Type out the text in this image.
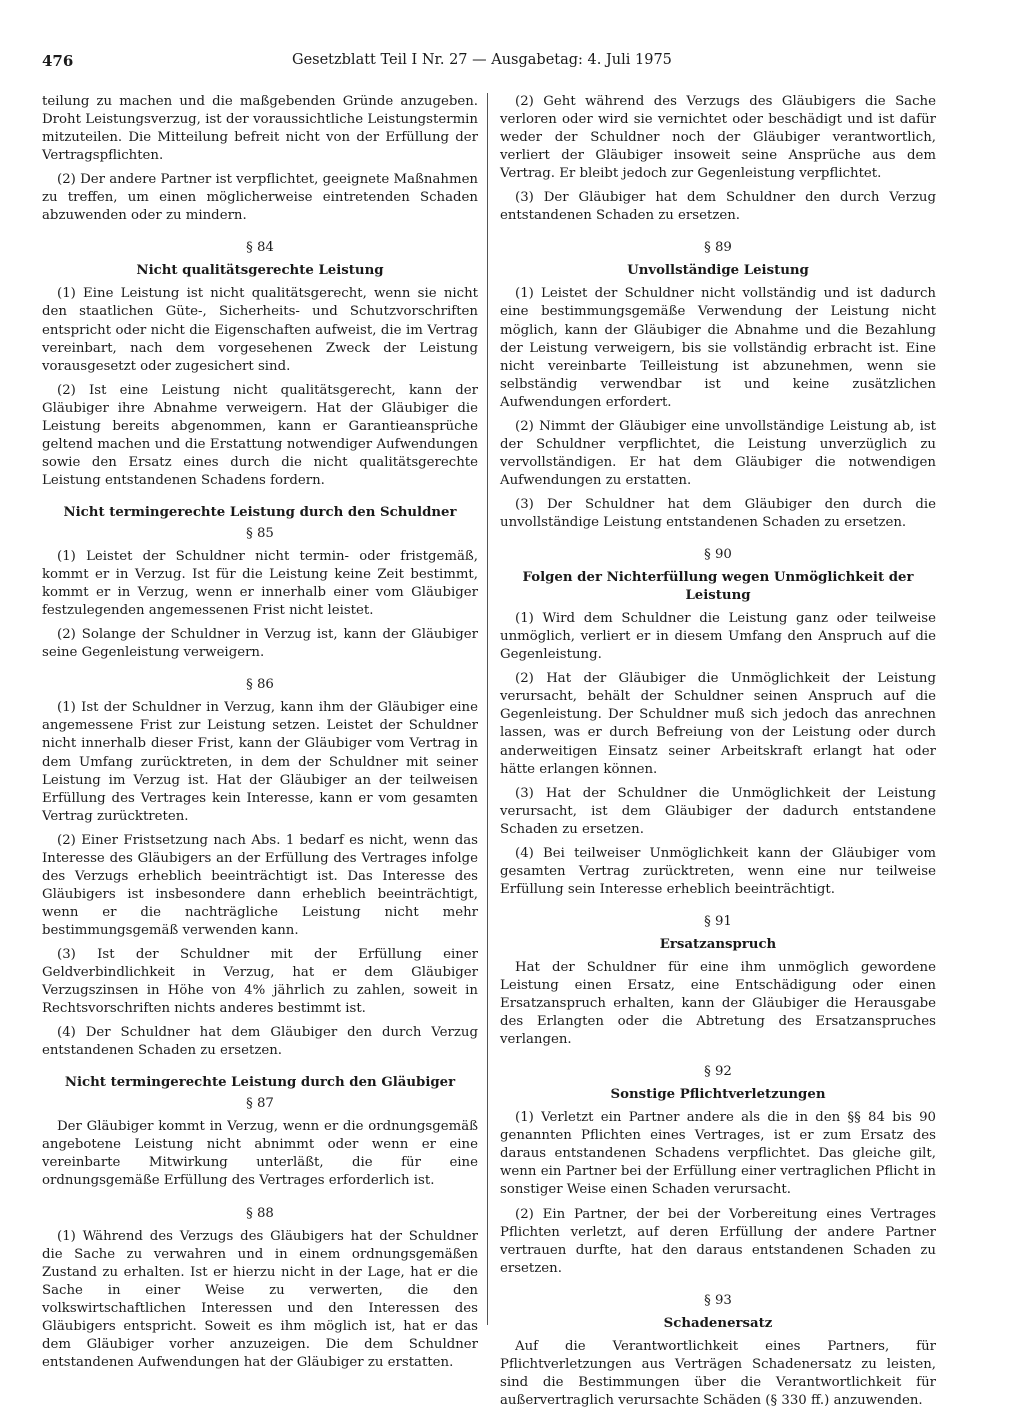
476	Gesetzblatt Teil I Nr. 27 — Ausgabetag: 4. Juli 1975

teilung zu machen und die maßgebenden Gründe anzugeben. Droht Leistungsverzug, ist der voraussichtliche Leistungstermin mitzuteilen. Die Mitteilung befreit nicht von der Erfüllung der Vertragspflichten.

(2) Der andere Partner ist verpflichtet, geeignete Maßnahmen zu treffen, um einen möglicherweise eintretenden Schaden abzuwenden oder zu mindern.

§ 84
Nicht qualitätsgerechte Leistung

(1) Eine Leistung ist nicht qualitätsgerecht, wenn sie nicht den staatlichen Güte-, Sicherheits- und Schutzvorschriften entspricht oder nicht die Eigenschaften aufweist, die im Vertrag vereinbart, nach dem vorgesehenen Zweck der Leistung vorausgesetzt oder zugesichert sind.

(2) Ist eine Leistung nicht qualitätsgerecht, kann der Gläubiger ihre Abnahme verweigern. Hat der Gläubiger die Leistung bereits abgenommen, kann er Garantieansprüche geltend machen und die Erstattung notwendiger Aufwendungen sowie den Ersatz eines durch die nicht qualitätsgerechte Leistung entstandenen Schadens fordern.

Nicht termingerechte Leistung durch den Schuldner
§ 85

(1) Leistet der Schuldner nicht termin- oder fristgemäß, kommt er in Verzug. Ist für die Leistung keine Zeit bestimmt, kommt er in Verzug, wenn er innerhalb einer vom Gläubiger festzulegenden angemessenen Frist nicht leistet.

(2) Solange der Schuldner in Verzug ist, kann der Gläubiger seine Gegenleistung verweigern.

§ 86

(1) Ist der Schuldner in Verzug, kann ihm der Gläubiger eine angemessene Frist zur Leistung setzen. Leistet der Schuldner nicht innerhalb dieser Frist, kann der Gläubiger vom Vertrag in dem Umfang zurücktreten, in dem der Schuldner mit seiner Leistung im Verzug ist. Hat der Gläubiger an der teilweisen Erfüllung des Vertrages kein Interesse, kann er vom gesamten Vertrag zurücktreten.

(2) Einer Fristsetzung nach Abs. 1 bedarf es nicht, wenn das Interesse des Gläubigers an der Erfüllung des Vertrages infolge des Verzugs erheblich beeinträchtigt ist. Das Interesse des Gläubigers ist insbesondere dann erheblich beeinträchtigt, wenn er die nachträgliche Leistung nicht mehr bestimmungsgemäß verwenden kann.

(3) Ist der Schuldner mit der Erfüllung einer Geldverbindlichkeit in Verzug, hat er dem Gläubiger Verzugszinsen in Höhe von 4% jährlich zu zahlen, soweit in Rechtsvorschriften nichts anderes bestimmt ist.

(4) Der Schuldner hat dem Gläubiger den durch Verzug entstandenen Schaden zu ersetzen.

Nicht termingerechte Leistung durch den Gläubiger
§ 87

Der Gläubiger kommt in Verzug, wenn er die ordnungsgemäß angebotene Leistung nicht abnimmt oder wenn er eine vereinbarte Mitwirkung unterläßt, die für eine ordnungsgemäße Erfüllung des Vertrages erforderlich ist.

§ 88

(1) Während des Verzugs des Gläubigers hat der Schuldner die Sache zu verwahren und in einem ordnungsgemäßen Zustand zu erhalten. Ist er hierzu nicht in der Lage, hat er die Sache in einer Weise zu verwerten, die den volkswirtschaftlichen Interessen und den Interessen des Gläubigers entspricht. Soweit es ihm möglich ist, hat er das dem Gläubiger vorher anzuzeigen. Die dem Schuldner entstandenen Aufwendungen hat der Gläubiger zu erstatten.

(2) Geht während des Verzugs des Gläubigers die Sache verloren oder wird sie vernichtet oder beschädigt und ist dafür weder der Schuldner noch der Gläubiger verantwortlich, verliert der Gläubiger insoweit seine Ansprüche aus dem Vertrag. Er bleibt jedoch zur Gegenleistung verpflichtet.

(3) Der Gläubiger hat dem Schuldner den durch Verzug entstandenen Schaden zu ersetzen.

§ 89
Unvollständige Leistung

(1) Leistet der Schuldner nicht vollständig und ist dadurch eine bestimmungsgemäße Verwendung der Leistung nicht möglich, kann der Gläubiger die Abnahme und die Bezahlung der Leistung verweigern, bis sie vollständig erbracht ist. Eine nicht vereinbarte Teilleistung ist abzunehmen, wenn sie selbständig verwendbar ist und keine zusätzlichen Aufwendungen erfordert.

(2) Nimmt der Gläubiger eine unvollständige Leistung ab, ist der Schuldner verpflichtet, die Leistung unverzüglich zu vervollständigen. Er hat dem Gläubiger die notwendigen Aufwendungen zu erstatten.

(3) Der Schuldner hat dem Gläubiger den durch die unvollständige Leistung entstandenen Schaden zu ersetzen.

§ 90
Folgen der Nichterfüllung wegen Unmöglichkeit der Leistung

(1) Wird dem Schuldner die Leistung ganz oder teilweise unmöglich, verliert er in diesem Umfang den Anspruch auf die Gegenleistung.

(2) Hat der Gläubiger die Unmöglichkeit der Leistung verursacht, behält der Schuldner seinen Anspruch auf die Gegenleistung. Der Schuldner muß sich jedoch das anrechnen lassen, was er durch Befreiung von der Leistung oder durch anderweitigen Einsatz seiner Arbeitskraft erlangt hat oder hätte erlangen können.

(3) Hat der Schuldner die Unmöglichkeit der Leistung verursacht, ist dem Gläubiger der dadurch entstandene Schaden zu ersetzen.

(4) Bei teilweiser Unmöglichkeit kann der Gläubiger vom gesamten Vertrag zurücktreten, wenn eine nur teilweise Erfüllung sein Interesse erheblich beeinträchtigt.

§ 91
Ersatzanspruch

Hat der Schuldner für eine ihm unmöglich gewordene Leistung einen Ersatz, eine Entschädigung oder einen Ersatzanspruch erhalten, kann der Gläubiger die Herausgabe des Erlangten oder die Abtretung des Ersatzanspruches verlangen.

§ 92
Sonstige Pflichtverletzungen

(1) Verletzt ein Partner andere als die in den §§ 84 bis 90 genannten Pflichten eines Vertrages, ist er zum Ersatz des daraus entstandenen Schadens verpflichtet. Das gleiche gilt, wenn ein Partner bei der Erfüllung einer vertraglichen Pflicht in sonstiger Weise einen Schaden verursacht.

(2) Ein Partner, der bei der Vorbereitung eines Vertrages Pflichten verletzt, auf deren Erfüllung der andere Partner vertrauen durfte, hat den daraus entstandenen Schaden zu ersetzen.

§ 93
Schadenersatz

Auf die Verantwortlichkeit eines Partners, für Pflichtverletzungen aus Verträgen Schadenersatz zu leisten, sind die Bestimmungen über die Verantwortlichkeit für außervertraglich verursachte Schäden (§ 330 ff.) anzuwenden.
